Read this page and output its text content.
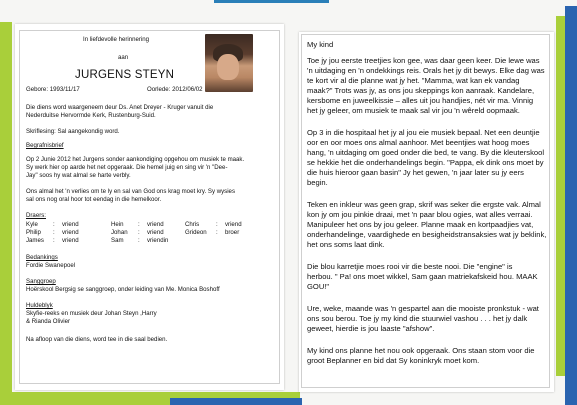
In liefdevolle herinnering
aan
JURGENS STEYN
Gebore: 1993/11/17	Oorlede: 2012/06/02
Die diens word waargeneem deur Ds. Anet Dreyer - Kruger vanuit die
Nederduitse Hervormde Kerk, Rustenburg-Suid.
Skriflesing: Sal aangekondig word.
Begrafnisbrief
Op 2 Junie 2012 het Jurgens sonder aankondiging opgehou om musiek te maak.
Sy werk hier op aarde het net opgeraak. Die hemel juig en sing vir 'n "Dee-
Jay" soos hy wat almal se harte verbly.
Ons almal het 'n verlies om te ly en sal van God ons krag moet kry. Sy wysies
sal ons nog oral hoor tot eendag in die hemelkoor.
Draers:
Kyle : vriend	Hein : vriend	Chris	: vriend
Philip : vriend	Johan : vriend	Grideon : broer
James : vriend	Sam : vriendin
Bedankings
Fordie Swanepoel
Sanggroep
Hoërskool Bergsig se sanggroep, onder leiding van Me. Monica Boshoff
Huldeblyk
Skyfie-reeks en musiek deur Johan Steyn ,Harry
& Rianda Olivier
Na afloop van die diens, word tee in die saal bedien.
My kind
Toe jy jou eerste treetjies kon gee, was daar geen keer. Die lewe was
'n uitdaging en 'n ondekkings reis. Orals het jy dit bewys. Elke dag was
te kort vir al die planne wat jy het. "Mamma, wat kan ek vandag
maak?" Trots was jy, as ons jou skeppings kon aanraak. Kandelare,
kersbome en juweelkissie – alles uit jou handjies, nét vir ma. Vinnig
het jy geleer, om musiek te maak sal vir jou 'n wêreld oopmaak.
Op 3 in die hospitaal het jy al jou eie musiek bepaal. Net een deuntjie
oor en oor moes ons almal aanhoor. Met beentjies wat hoog moes
hang, 'n uitdaging om goed onder die bed, te vang. By die kleuterskool
se hekkie het die onderhandelings begin. "Pappa, ek dink ons moet by
die huis hieroor gaan basin" Jy het gewen, 'n jaar later su jy eers
begin.
Teken en inkleur was geen grap, skrif was seker die ergste vak. Almal
kon jy om jou pinkie draai, met 'n paar blou ogies, wat alles verraai.
Manipuleer het ons by jou geleer. Planne maak en kortpaadjies vat,
onderhandelinge, vaardighede en besigheidstransaksies wat jy beklink,
het ons soms laat dink.
Die blou karretjie moes rooi vir die beste nooi. Die "engine" is
herbou. " Pa! ons moet wikkel, Sam gaan matriekafskeid hou. MAAK
GOU!"
Ure, weke, maande was 'n gespartel aan die mooiste pronkstuk - wat
ons sou berou. Toe jy my kind die stuurwiel vashou . . . het jy dalk
geweet, hierdie is jou laaste "afshow".
My kind ons planne het nou ook opgeraak. Ons staan stom voor die
groot Beplanner en bid dat Sy koninkryk moet kom.
